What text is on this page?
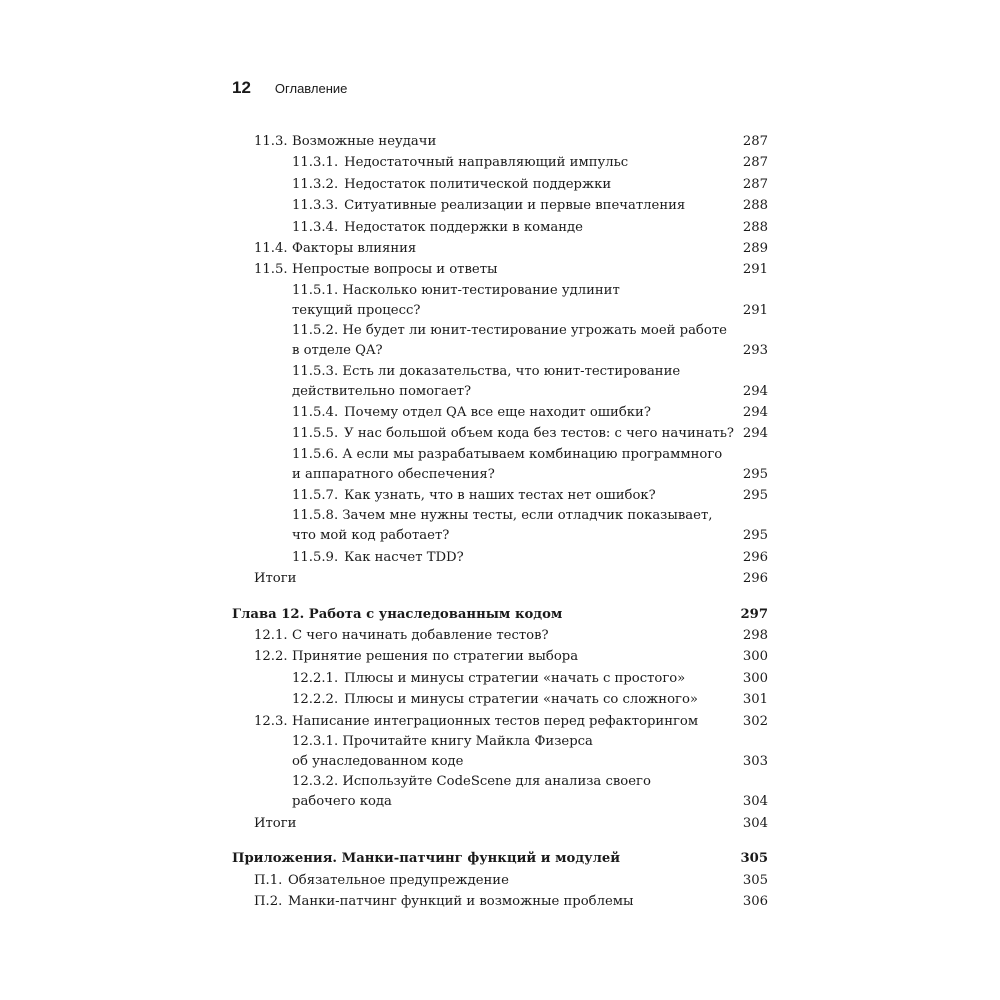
12 Оглавление
11.3. Возможные неудачи	287
11.3.1. Недостаточный направляющий импульс	287
11.3.2. Недостаток политической поддержки	287
11.3.3. Ситуативные реализации и первые впечатления	288
11.3.4. Недостаток поддержки в команде	288
11.4. Факторы влияния	289
11.5. Непростые вопросы и ответы	291
11.5.1. Насколько юнит-тестирование удлинит
текущий процесс?	291
11.5.2. Не будет ли юнит-тестирование угрожать моей работе
в отделе QA?	293
11.5.3. Есть ли доказательства, что юнит-тестирование
действительно помогает?	294
11.5.4. Почему отдел QA все еще находит ошибки?	294
11.5.5. У нас большой объем кода без тестов: с чего начинать? 294
11.5.6. А если мы разрабатываем комбинацию программного
и аппаратного обеспечения?	295
11.5.7. Как узнать, что в наших тестах нет ошибок?	295
11.5.8. Зачем мне нужны тесты, если отладчик показывает,
что мой код работает?	295
11.5.9. Как насчет TDD?	296
Итоги	296
Глава 12. Работа с унаследованным кодом	297
12.1. С чего начинать добавление тестов?	298
12.2. Принятие решения по стратегии выбора	300
12.2.1. Плюсы и минусы стратегии «начать с простого»	300
12.2.2. Плюсы и минусы стратегии «начать со сложного»	301
12.3. Написание интеграционных тестов перед рефакторингом	302
12.3.1. Прочитайте книгу Майкла Физерса
об унаследованном коде	303
12.3.2. Используйте CodeScene для анализа своего
рабочего кода	304
Итоги	304
Приложения. Манки-патчинг функций и модулей	305
П.1. Обязательное предупреждение	305
П.2. Манки-патчинг функций и возможные проблемы	306
